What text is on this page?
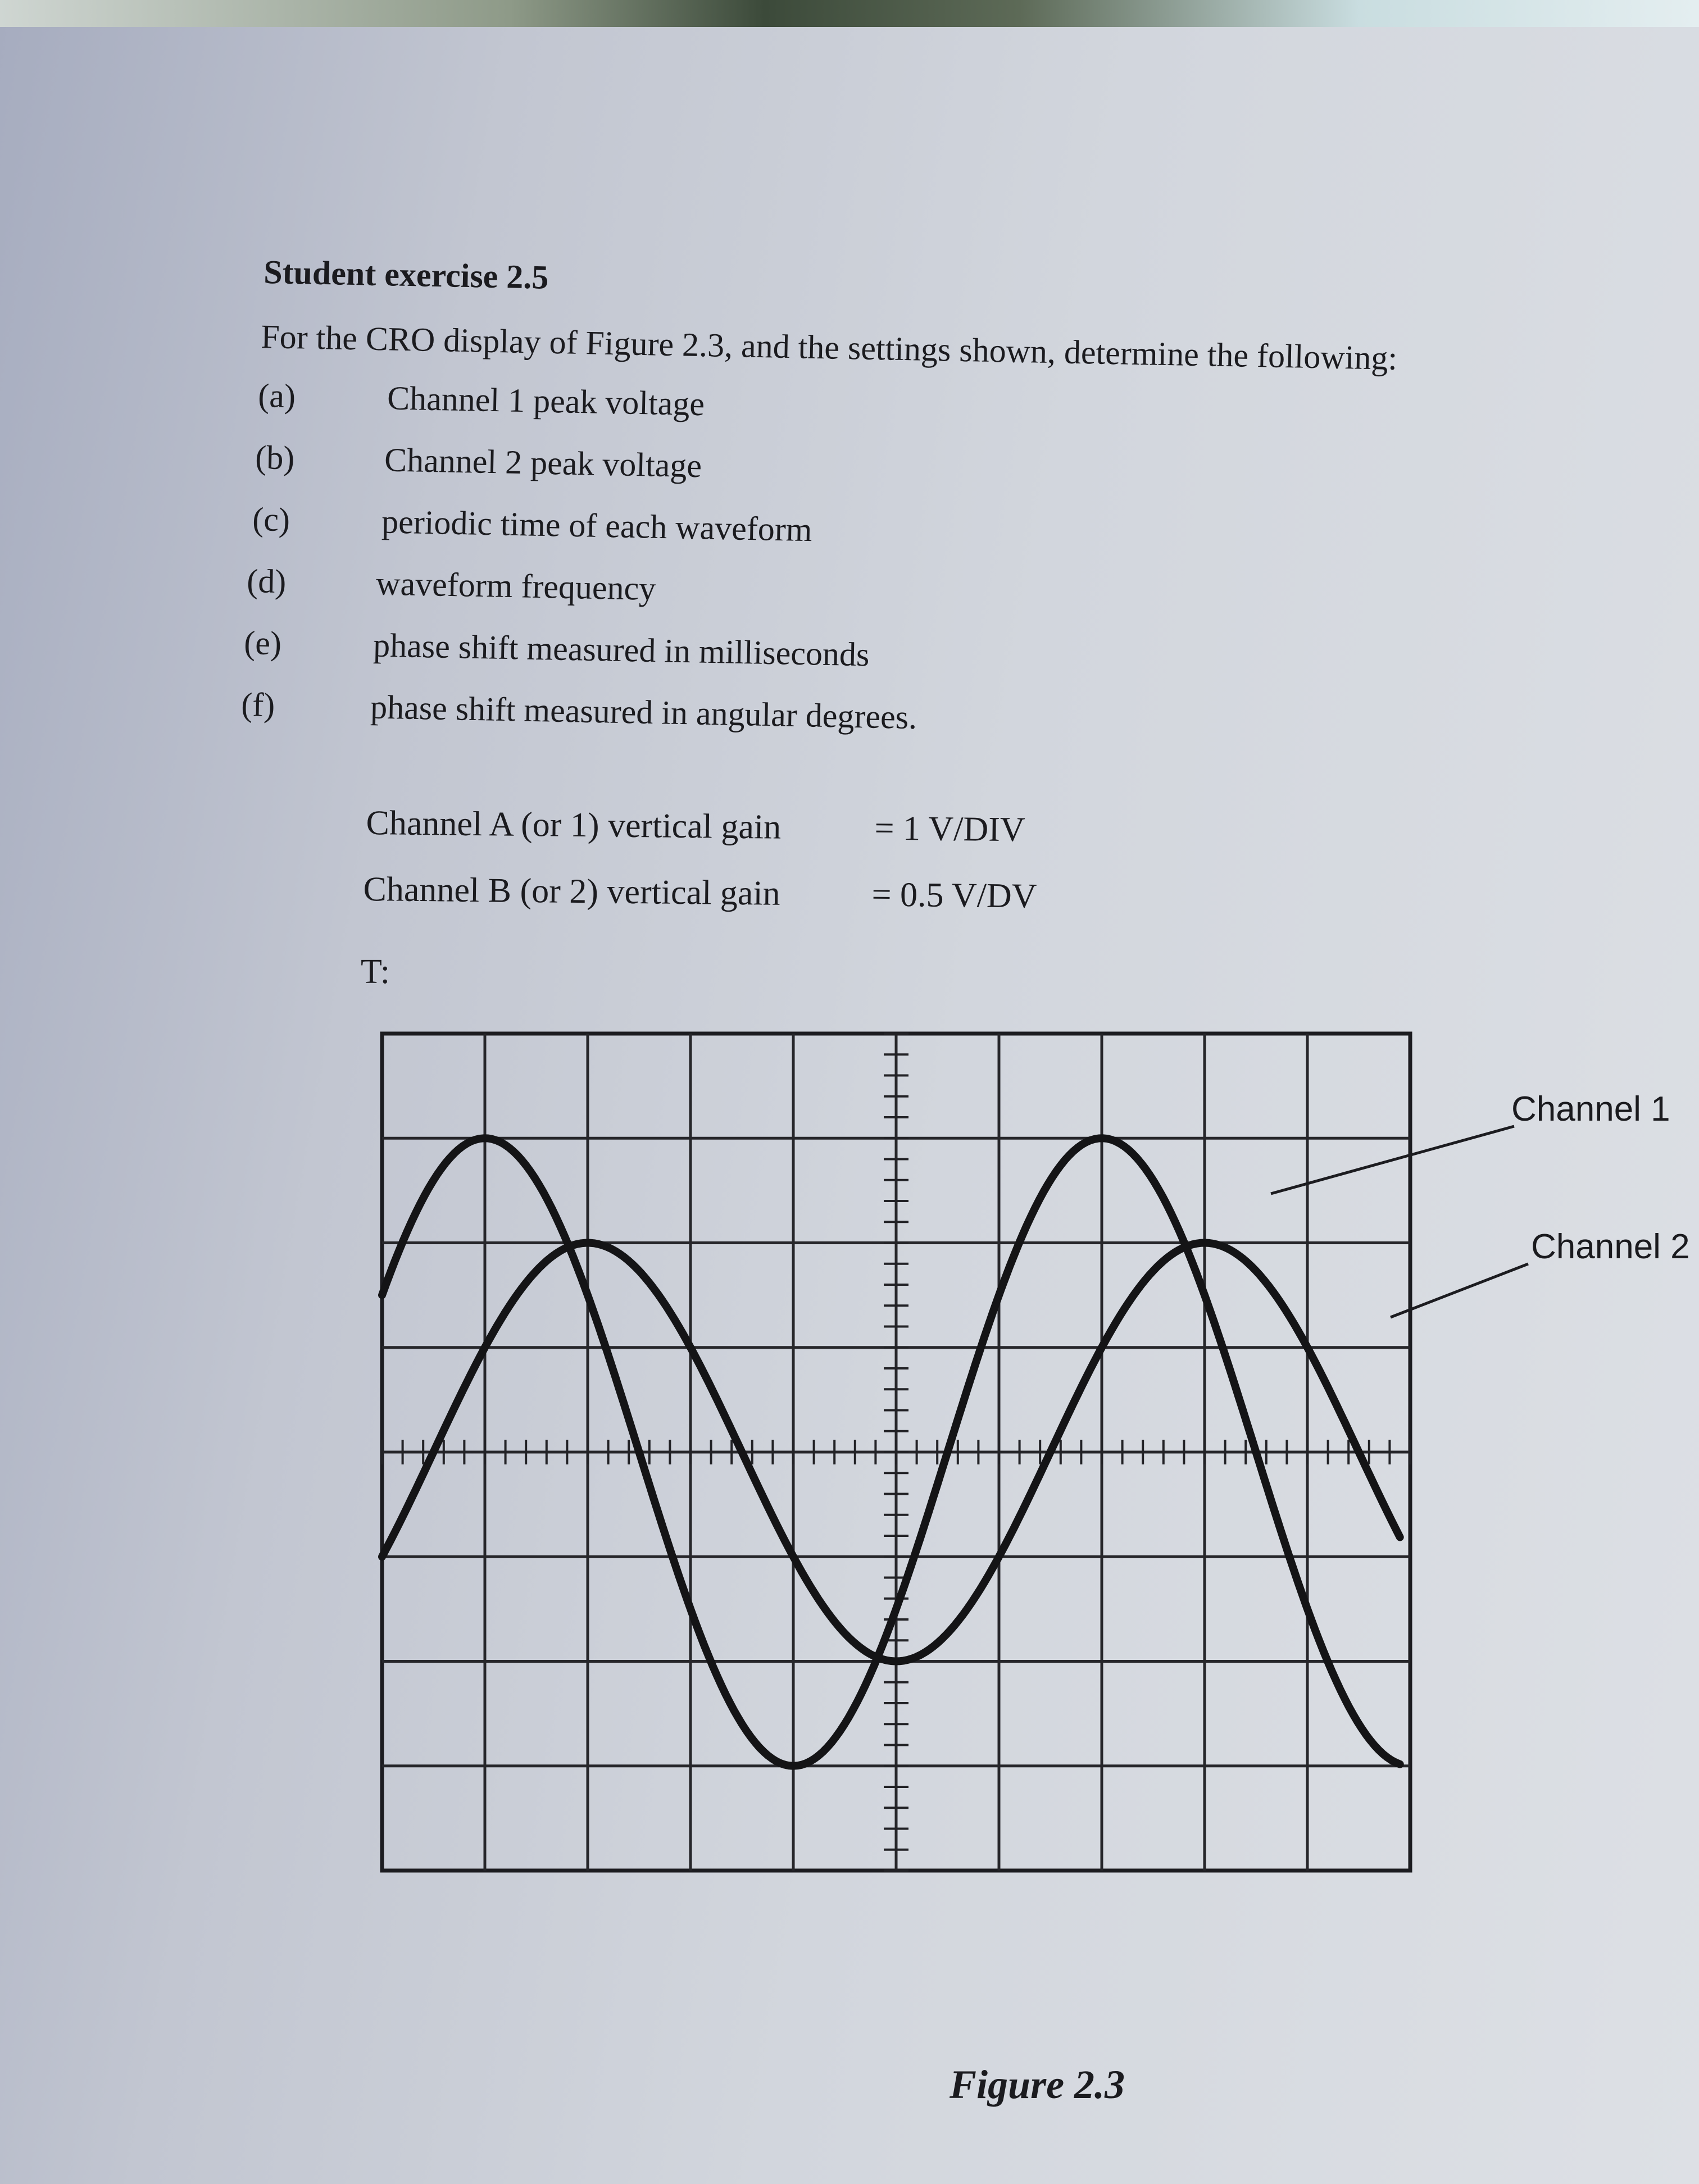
Student exercise 2.5
For the CRO display of Figure 2.3, and the settings shown, determine the following:
(a)	Channel 1 peak voltage
(b)	Channel 2 peak voltage
(c)	periodic time of each waveform
(d)	waveform frequency
(e)	phase shift measured in milliseconds
(f)	phase shift measured in angular degrees.
Channel A (or 1) vertical gain	= 1 V/DIV
Channel B (or 2) vertical gain	= 0.5 V/DV
T:
Channel 1
Channel 2
Figure 2.3
